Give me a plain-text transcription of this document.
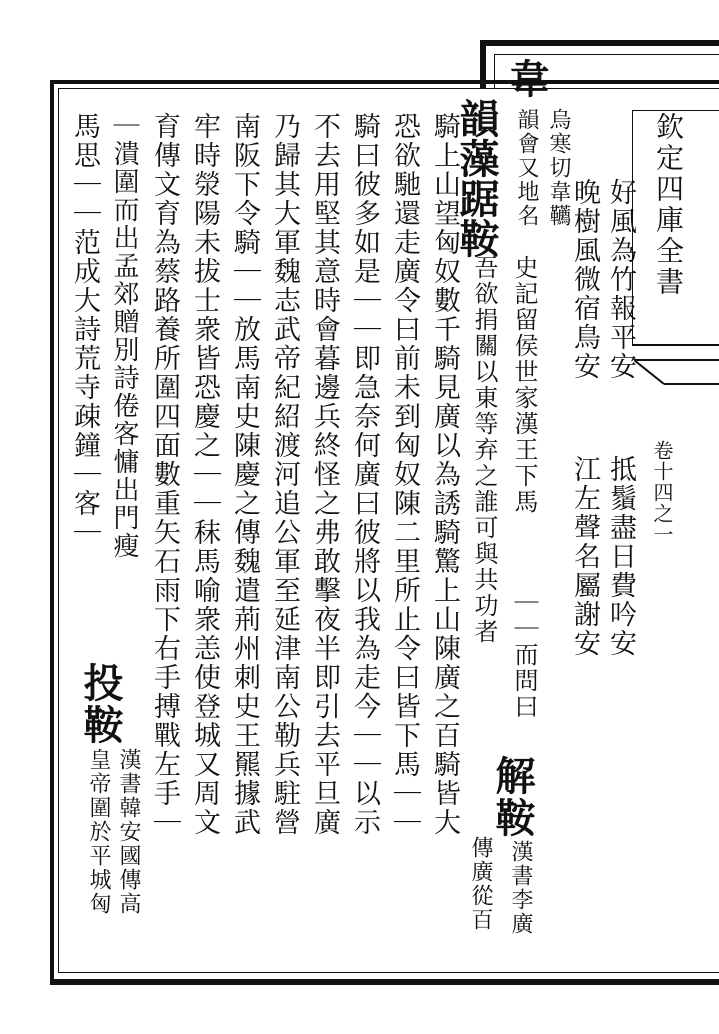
欽定四庫全書
卷十四之一
韋
烏寒切韋韉
韻會又地名
好風為竹報平安
抵鬚盡日費吟安
晚樹風微宿鳥安
江左聲名屬謝安
韻藻踞鞍
史記留侯世家漢王下馬
｜｜而問曰
吾欲捐關以東等弃之誰可與共功者
解鞍
漢書李廣
騎上山望匈奴數千騎見廣以為誘騎驚上山陳廣之百騎皆大
傳廣從百
恐欲馳還走廣令曰前未到匈奴陳二里所止令曰皆下馬｜｜
騎曰彼多如是｜｜即急奈何廣曰彼將以我為走今｜｜以示
不去用堅其意時會暮邊兵終怪之弗敢擊夜半即引去平旦廣
乃歸其大軍魏志武帝紀紹渡河追公軍至延津南公勒兵駐營
南阪下令騎｜｜放馬南史陳慶之傳魏遣荊州刺史王羆據武
牢時滎陽未拔士衆皆恐慶之｜｜秣馬喻衆恙使登城又周文
育傳文育為蔡路養所圍四面數重矢石雨下右手搏戰左手｜
｜潰圍而出孟郊贈別詩倦客慵出門瘦
投鞍
漢書韓安國傳高
皇帝圍於平城匈
馬思｜｜范成大詩荒寺疎鐘｜客｜
